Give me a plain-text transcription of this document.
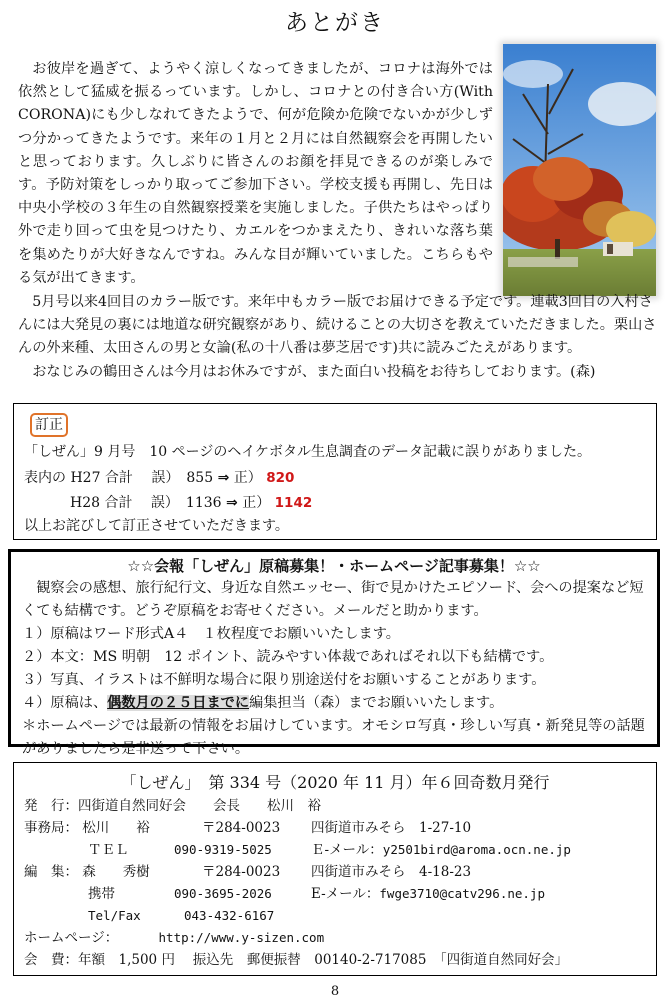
あとがき

お彼岸を過ぎて、ようやく涼しくなってきましたが、コロナは海外では依然として猛威を振るっています。しかし、コロナとの付き合い方(With CORONA)にも少しなれてきたようで、何が危険か危険でないかが少しずつ分かってきたようです。来年の１月と２月には自然観察会を再開したいと思っております。久しぶりに皆さんのお顔を拝見できるのが楽しみです。予防対策をしっかり取ってご参加下さい。学校支援も再開し、先日は中央小学校の３年生の自然観察授業を実施しました。子供たちはやっぱり外で走り回って虫を見つけたり、カエルをつかまえたり、きれいな落ち葉を集めたりが大好きなんですね。みんな目が輝いていました。こちらもやる気が出てきます。

5月号以来4回目のカラー版です。来年中もカラー版でお届けできる予定です。連載3回目の入村さんには大発見の裏には地道な研究観察があり、続けることの大切さを教えていただきました。栗山さんの外来種、太田さんの男と女論(私の十八番は夢芝居です)共に読みごたえがあります。

おなじみの鶴田さんは今月はお休みですが、また面白い投稿をお待ちしております。(森)

訂正
「しぜん」9 月号　10 ページのヘイケボタル生息調査のデータ記載に誤りがありました。
表内の H27 合計　 誤）　855 ⇒ 正） 820
H28 合計　 誤）　1136 ⇒ 正） 1142
以上お詫びして訂正させていただきます。
☆☆会報「しぜん」原稿募集！・ホームページ記事募集！☆☆

観察会の感想、旅行紀行文、身近な自然エッセー、街で見かけたエピソード、会への提案など短くても結構です。どうぞ原稿をお寄せください。メールだと助かります。

１）原稿はワード形式A４　１枚程度でお願いいたします。

２）本文：MS 明朝　12 ポイント、読みやすい体裁であればそれ以下も結構です。

３）写真、イラストは不鮮明な場合に限り別途送付をお願いすることがあります。

４）原稿は、偶数月の２５日までに編集担当（森）までお願いいたします。

＊ホームページでは最新の情報をお届けしています。オモシロ写真・珍しい写真・新発見等の話題がありましたら是非送って下さい。

「しぜん」　第 334 号（2020 年 11 月）年６回奇数月発行
発　行：四街道自然同好会　　会長　　松川　裕
事務局： 松川　　裕	〒284-0023 四街道市みそら　1-27-10
ＴＥＬ	090-9319-5025	Ｅ-メール：y2501bird@aroma.ocn.ne.jp
編　集： 森　　秀樹	〒284-0023 四街道市みそら　4-18-23
携帯	090-3695-2026	E-メール：fwge3710@catv296.ne.jp
Tel/Fax	043-432-6167
ホームページ：	http://www.y-sizen.com
会　費：年額　1,500 円　 振込先　郵便振替　00140-2-717085　「四街道自然同好会」
8
